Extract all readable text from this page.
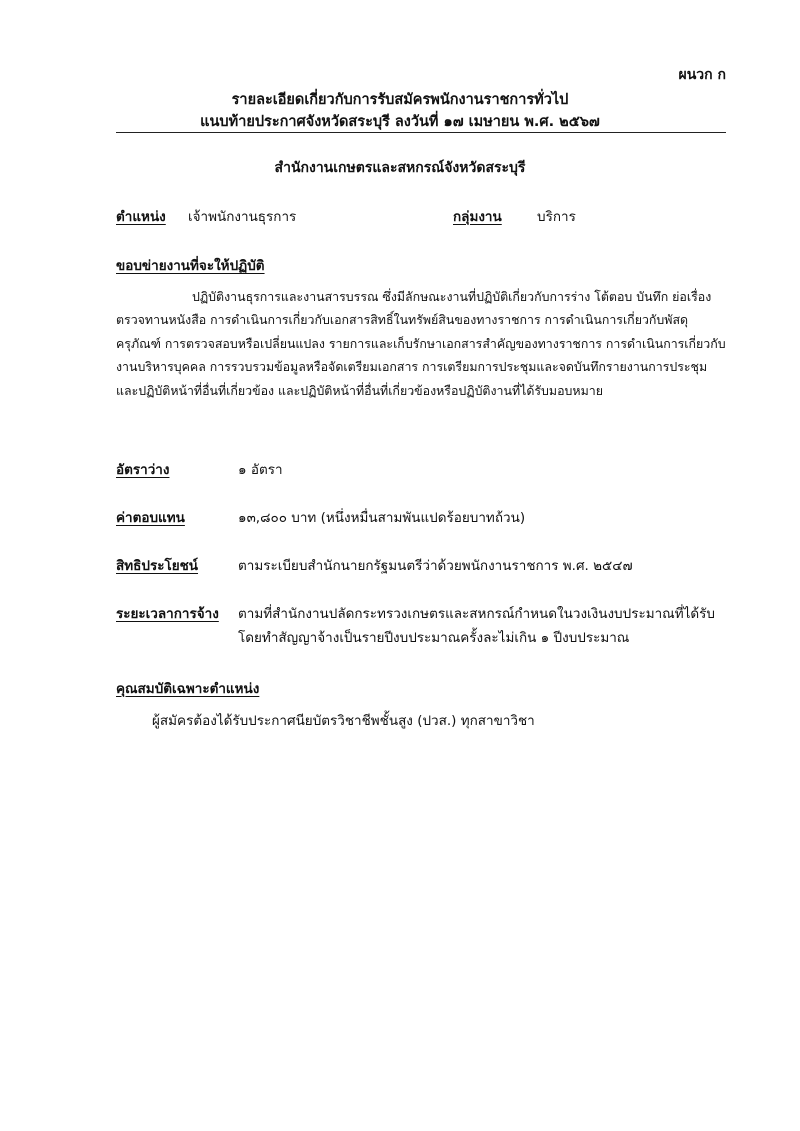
ผนวก ก
รายละเอียดเกี่ยวกับการรับสมัครพนักงานราชการทั่วไป
แนบท้ายประกาศจังหวัดสระบุรี ลงวันที่ ๑๗ เมษายน พ.ศ. ๒๕๖๗
สำนักงานเกษตรและสหกรณ์จังหวัดสระบุรี
ตำแหน่ง เจ้าพนักงานธุรการ	กลุ่มงาน	บริการ
ขอบข่ายงานที่จะให้ปฏิบัติ
ปฏิบัติงานธุรการและงานสารบรรณ ซึ่งมีลักษณะงานที่ปฏิบัติเกี่ยวกับการร่าง โต้ตอบ บันทึก ย่อเรื่อง ตรวจทานหนังสือ การดำเนินการเกี่ยวกับเอกสารสิทธิ์ในทรัพย์สินของทางราชการ การดำเนินการเกี่ยวกับพัสดุครุภัณฑ์ การตรวจสอบหรือเปลี่ยนแปลง รายการและเก็บรักษาเอกสารสำคัญของทางราชการ การดำเนินการเกี่ยวกับงานบริหารบุคคล การรวบรวมข้อมูลหรือจัดเตรียมเอกสาร การเตรียมการประชุมและจดบันทึกรายงานการประชุม และปฏิบัติหน้าที่อื่นที่เกี่ยวข้อง และปฏิบัติหน้าที่อื่นที่เกี่ยวข้องหรือปฏิบัติงานที่ได้รับมอบหมาย
อัตราว่าง	๑ อัตรา
ค่าตอบแทน	๑๓,๘๐๐ บาท (หนึ่งหมื่นสามพันแปดร้อยบาทถ้วน)
สิทธิประโยชน์	ตามระเบียบสำนักนายกรัฐมนตรีว่าด้วยพนักงานราชการ พ.ศ. ๒๕๔๗
ระยะเวลาการจ้าง ตามที่สำนักงานปลัดกระทรวงเกษตรและสหกรณ์กำหนดในวงเงินงบประมาณที่ได้รับ
โดยทำสัญญาจ้างเป็นรายปีงบประมาณครั้งละไม่เกิน ๑ ปีงบประมาณ
คุณสมบัติเฉพาะตำแหน่ง
ผู้สมัครต้องได้รับประกาศนียบัตรวิชาชีพชั้นสูง (ปวส.) ทุกสาขาวิชา
